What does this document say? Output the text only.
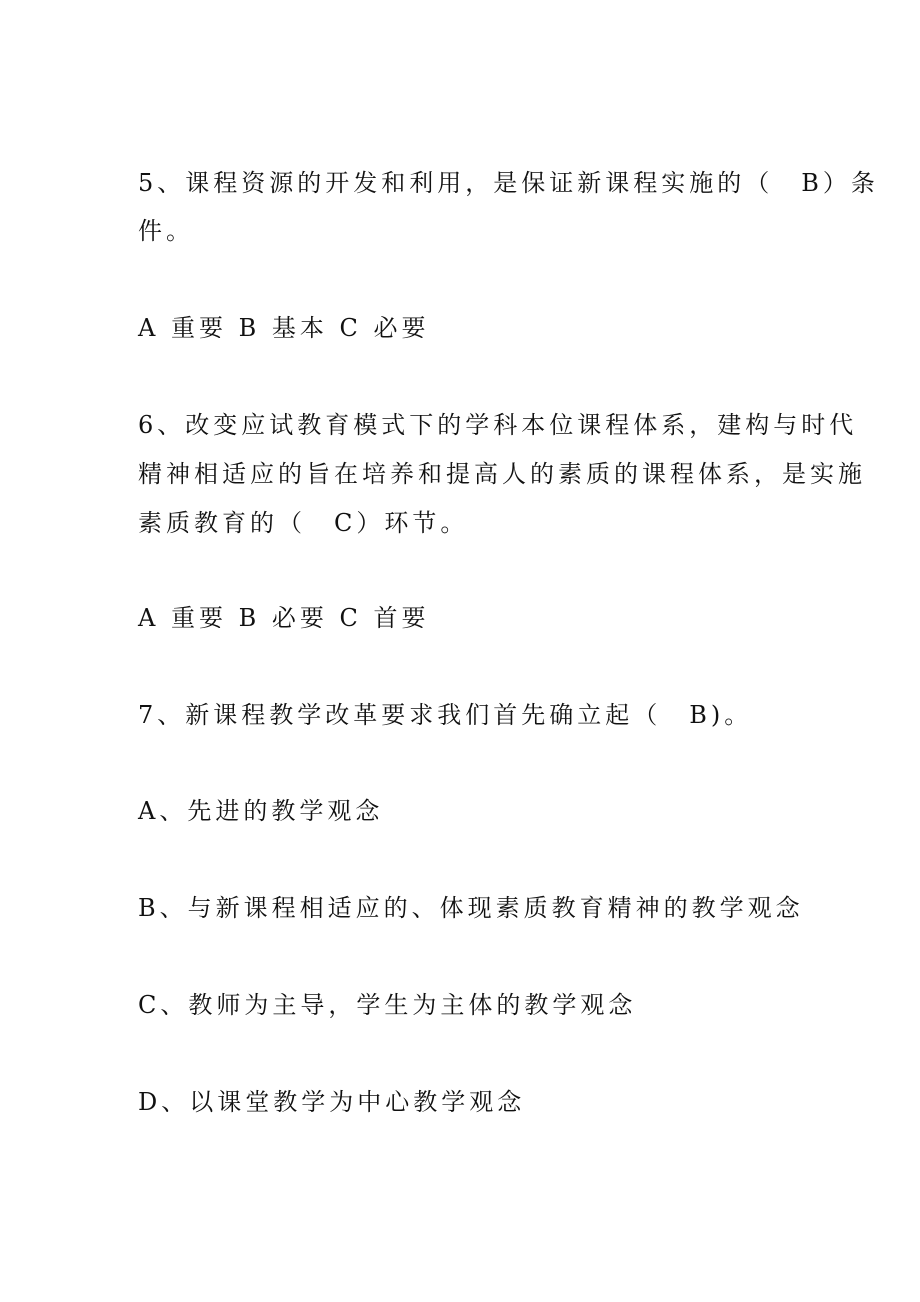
5、课程资源的开发和利用，是保证新课程实施的（　B）条

件。

A 重要 B 基本 C 必要

6、改变应试教育模式下的学科本位课程体系，建构与时代

精神相适应的旨在培养和提高人的素质的课程体系，是实施

素质教育的（　C）环节。

A 重要 B 必要 C 首要

7、新课程教学改革要求我们首先确立起（　B)。

A、先进的教学观念

B、与新课程相适应的、体现素质教育精神的教学观念

C、教师为主导，学生为主体的教学观念

D、以课堂教学为中心教学观念
